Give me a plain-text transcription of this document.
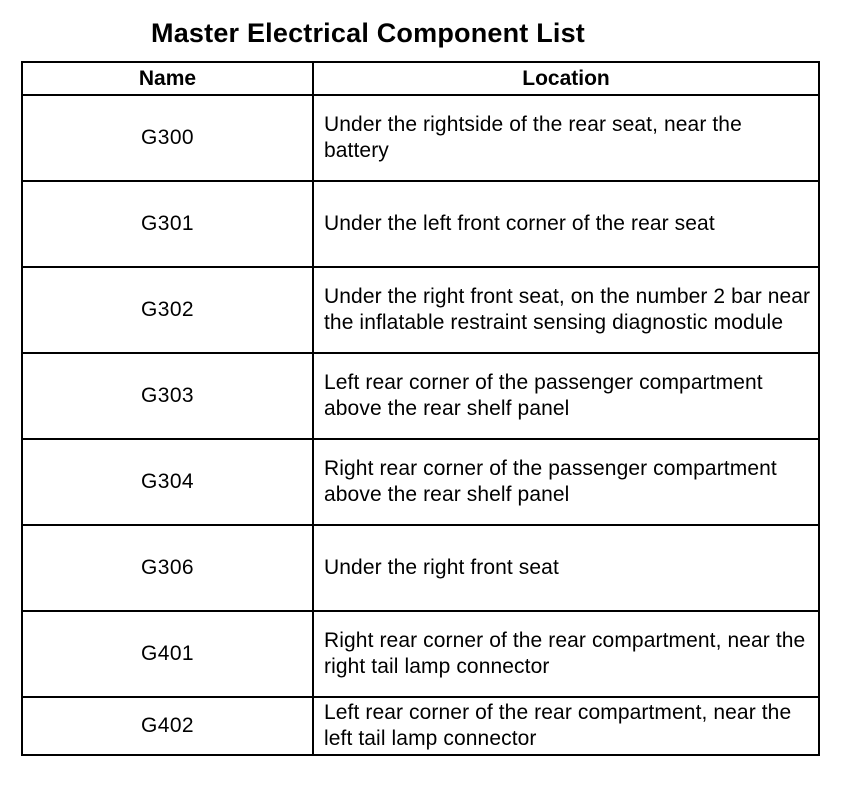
Master Electrical Component List
Name	Location
G300	Under the rightside of the rear seat, near the battery
G301	Under the left front corner of the rear seat
G302	Under the right front seat, on the number 2 bar near the inflatable restraint sensing diagnostic module
G303	Left rear corner of the passenger compartment above the rear shelf panel
G304	Right rear corner of the passenger compartment above the rear shelf panel
G306	Under the right front seat
G401	Right rear corner of the rear compartment, near the right tail lamp connector
G402	Left rear corner of the rear compartment, near the left tail lamp connector
